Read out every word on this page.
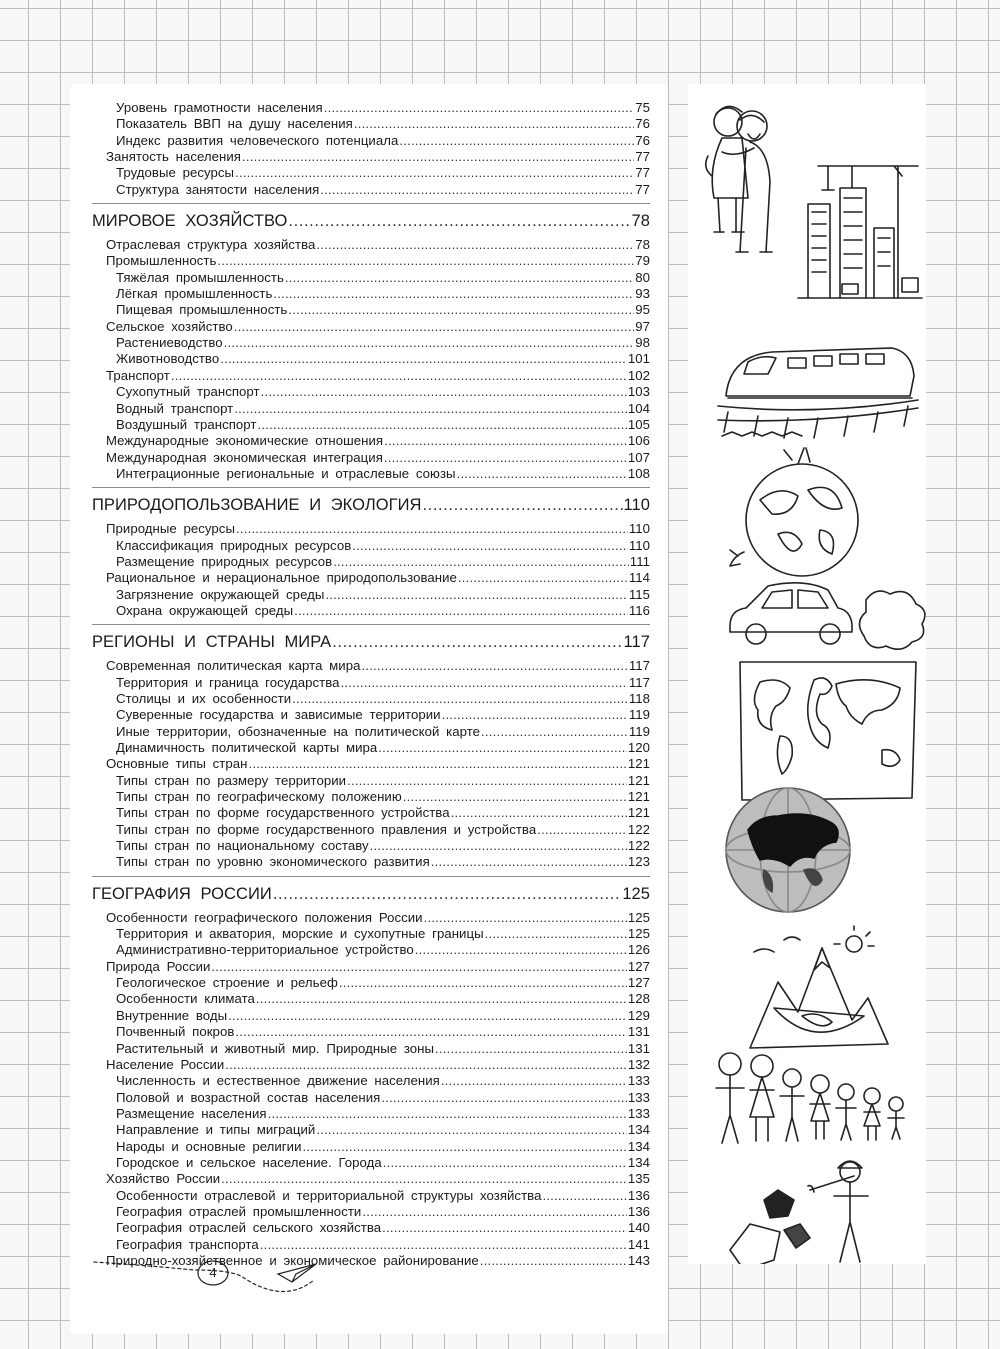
Уровень грамотности населения .....	75
Показатель ВВП на душу населения .....	76
Индекс развития человеческого потенциала .....	76
Занятость населения .....	77
Трудовые ресурсы .....	77
Структура занятости населения .....	77
МИРОВОЕ ХОЗЯЙСТВО .....	78
Отраслевая структура хозяйства .....	78
Промышленность .....	79
Тяжёлая промышленность .....	80
Лёгкая промышленность .....	93
Пищевая промышленность .....	95
Сельское хозяйство .....	97
Растениеводство .....	98
Животноводство .....	101
Транспорт .....	102
Сухопутный транспорт .....	103
Водный транспорт .....	104
Воздушный транспорт .....	105
Международные экономические отношения .....	106
Международная экономическая интеграция .....	107
Интеграционные региональные и отраслевые союзы .....	108
ПРИРОДОПОЛЬЗОВАНИЕ И ЭКОЛОГИЯ .....	110
Природные ресурсы .....	110
Классификация природных ресурсов .....	110
Размещение природных ресурсов .....	111
Рациональное и нерациональное природопользование .....	114
Загрязнение окружающей среды .....	115
Охрана окружающей среды .....	116
РЕГИОНЫ И СТРАНЫ МИРА .....	117
Современная политическая карта мира .....	117
Территория и граница государства .....	117
Столицы и их особенности .....	118
Суверенные государства и зависимые территории .....	119
Иные территории, обозначенные на политической карте .....	119
Динамичность политической карты мира .....	120
Основные типы стран .....	121
Типы стран по размеру территории .....	121
Типы стран по географическому положению .....	121
Типы стран по форме государственного устройства .....	121
Типы стран по форме государственного правления и устройства .....	122
Типы стран по национальному составу .....	122
Типы стран по уровню экономического развития .....	123
ГЕОГРАФИЯ РОССИИ .....	125
Особенности географического положения России .....	125
Территория и акватория, морские и сухопутные границы .....	125
Административно-территориальное устройство .....	126
Природа России .....	127
Геологическое строение и рельеф .....	127
Особенности климата .....	128
Внутренние воды .....	129
Почвенный покров .....	131
Растительный и животный мир. Природные зоны .....	131
Население России .....	132
Численность и естественное движение населения .....	133
Половой и возрастной состав населения .....	133
Размещение населения .....	133
Направление и типы миграций .....	134
Народы и основные религии .....	134
Городское и сельское население. Города .....	134
Хозяйство России .....	135
Особенности отраслевой и территориальной структуры хозяйства .....	136
География отраслей промышленности .....	136
География отраслей сельского хозяйства .....	140
География транспорта .....	141
Природно-хозяйственное и экономическое районирование .....	143
4
